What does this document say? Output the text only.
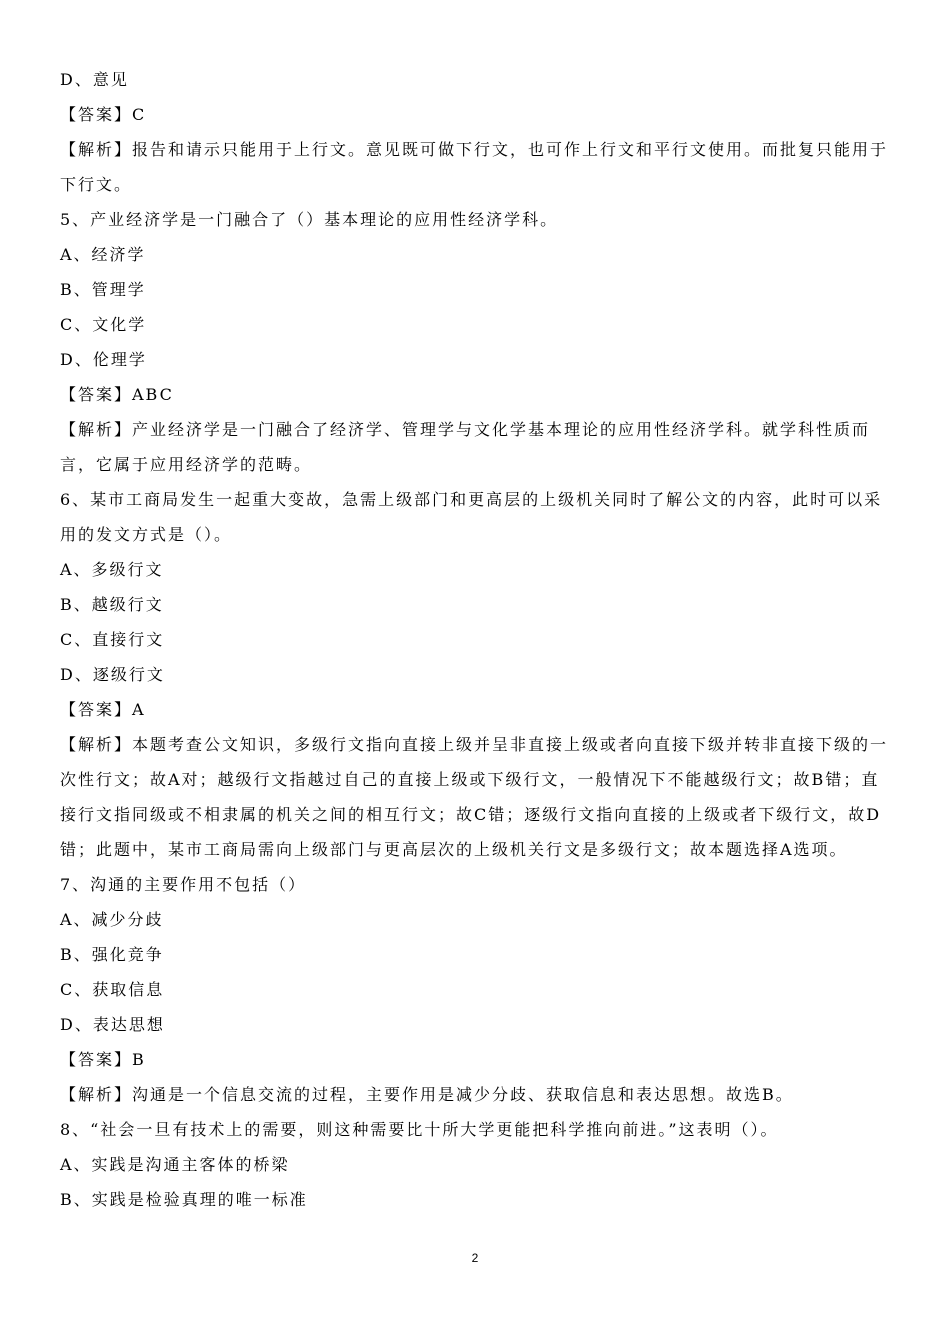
D、意见
【答案】C
【解析】报告和请示只能用于上行文。意见既可做下行文，也可作上行文和平行文使用。而批复只能用于下行文。
5、产业经济学是一门融合了（）基本理论的应用性经济学科。
A、经济学
B、管理学
C、文化学
D、伦理学
【答案】ABC
【解析】产业经济学是一门融合了经济学、管理学与文化学基本理论的应用性经济学科。就学科性质而言，它属于应用经济学的范畴。
6、某市工商局发生一起重大变故，急需上级部门和更高层的上级机关同时了解公文的内容，此时可以采用的发文方式是（）。
A、多级行文
B、越级行文
C、直接行文
D、逐级行文
【答案】A
【解析】本题考查公文知识，多级行文指向直接上级并呈非直接上级或者向直接下级并转非直接下级的一次性行文；故A对；越级行文指越过自己的直接上级或下级行文，一般情况下不能越级行文；故B错；直接行文指同级或不相隶属的机关之间的相互行文；故C错；逐级行文指向直接的上级或者下级行文，故D错；此题中，某市工商局需向上级部门与更高层次的上级机关行文是多级行文；故本题选择A选项。
7、沟通的主要作用不包括（）
A、减少分歧
B、强化竞争
C、获取信息
D、表达思想
【答案】B
【解析】沟通是一个信息交流的过程，主要作用是减少分歧、获取信息和表达思想。故选B。
8、“社会一旦有技术上的需要，则这种需要比十所大学更能把科学推向前进。”这表明（）。
A、实践是沟通主客体的桥梁
B、实践是检验真理的唯一标准
2
